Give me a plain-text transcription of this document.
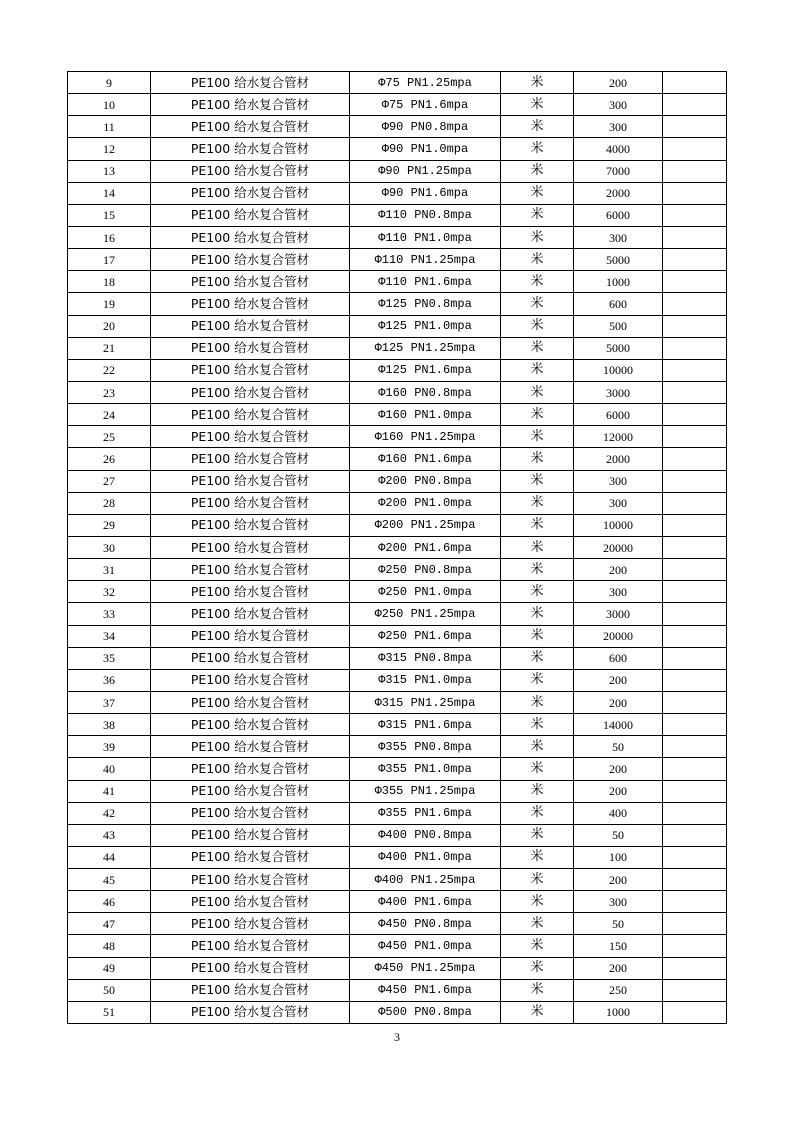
9	PE100 给水复合管材	Φ75 PN1.25mpa	米	200	
10	PE100 给水复合管材	Φ75 PN1.6mpa	米	300	
11	PE100 给水复合管材	Φ90 PN0.8mpa	米	300	
12	PE100 给水复合管材	Φ90 PN1.0mpa	米	4000	
13	PE100 给水复合管材	Φ90 PN1.25mpa	米	7000	
14	PE100 给水复合管材	Φ90 PN1.6mpa	米	2000	
15	PE100 给水复合管材	Φ110 PN0.8mpa	米	6000	
16	PE100 给水复合管材	Φ110 PN1.0mpa	米	300	
17	PE100 给水复合管材	Φ110 PN1.25mpa	米	5000	
18	PE100 给水复合管材	Φ110 PN1.6mpa	米	1000	
19	PE100 给水复合管材	Φ125 PN0.8mpa	米	600	
20	PE100 给水复合管材	Φ125 PN1.0mpa	米	500	
21	PE100 给水复合管材	Φ125 PN1.25mpa	米	5000	
22	PE100 给水复合管材	Φ125 PN1.6mpa	米	10000	
23	PE100 给水复合管材	Φ160 PN0.8mpa	米	3000	
24	PE100 给水复合管材	Φ160 PN1.0mpa	米	6000	
25	PE100 给水复合管材	Φ160 PN1.25mpa	米	12000	
26	PE100 给水复合管材	Φ160 PN1.6mpa	米	2000	
27	PE100 给水复合管材	Φ200 PN0.8mpa	米	300	
28	PE100 给水复合管材	Φ200 PN1.0mpa	米	300	
29	PE100 给水复合管材	Φ200 PN1.25mpa	米	10000	
30	PE100 给水复合管材	Φ200 PN1.6mpa	米	20000	
31	PE100 给水复合管材	Φ250 PN0.8mpa	米	200	
32	PE100 给水复合管材	Φ250 PN1.0mpa	米	300	
33	PE100 给水复合管材	Φ250 PN1.25mpa	米	3000	
34	PE100 给水复合管材	Φ250 PN1.6mpa	米	20000	
35	PE100 给水复合管材	Φ315 PN0.8mpa	米	600	
36	PE100 给水复合管材	Φ315 PN1.0mpa	米	200	
37	PE100 给水复合管材	Φ315 PN1.25mpa	米	200	
38	PE100 给水复合管材	Φ315 PN1.6mpa	米	14000	
39	PE100 给水复合管材	Φ355 PN0.8mpa	米	50	
40	PE100 给水复合管材	Φ355 PN1.0mpa	米	200	
41	PE100 给水复合管材	Φ355 PN1.25mpa	米	200	
42	PE100 给水复合管材	Φ355 PN1.6mpa	米	400	
43	PE100 给水复合管材	Φ400 PN0.8mpa	米	50	
44	PE100 给水复合管材	Φ400 PN1.0mpa	米	100	
45	PE100 给水复合管材	Φ400 PN1.25mpa	米	200	
46	PE100 给水复合管材	Φ400 PN1.6mpa	米	300	
47	PE100 给水复合管材	Φ450 PN0.8mpa	米	50	
48	PE100 给水复合管材	Φ450 PN1.0mpa	米	150	
49	PE100 给水复合管材	Φ450 PN1.25mpa	米	200	
50	PE100 给水复合管材	Φ450 PN1.6mpa	米	250	
51	PE100 给水复合管材	Φ500 PN0.8mpa	米	1000	
3
